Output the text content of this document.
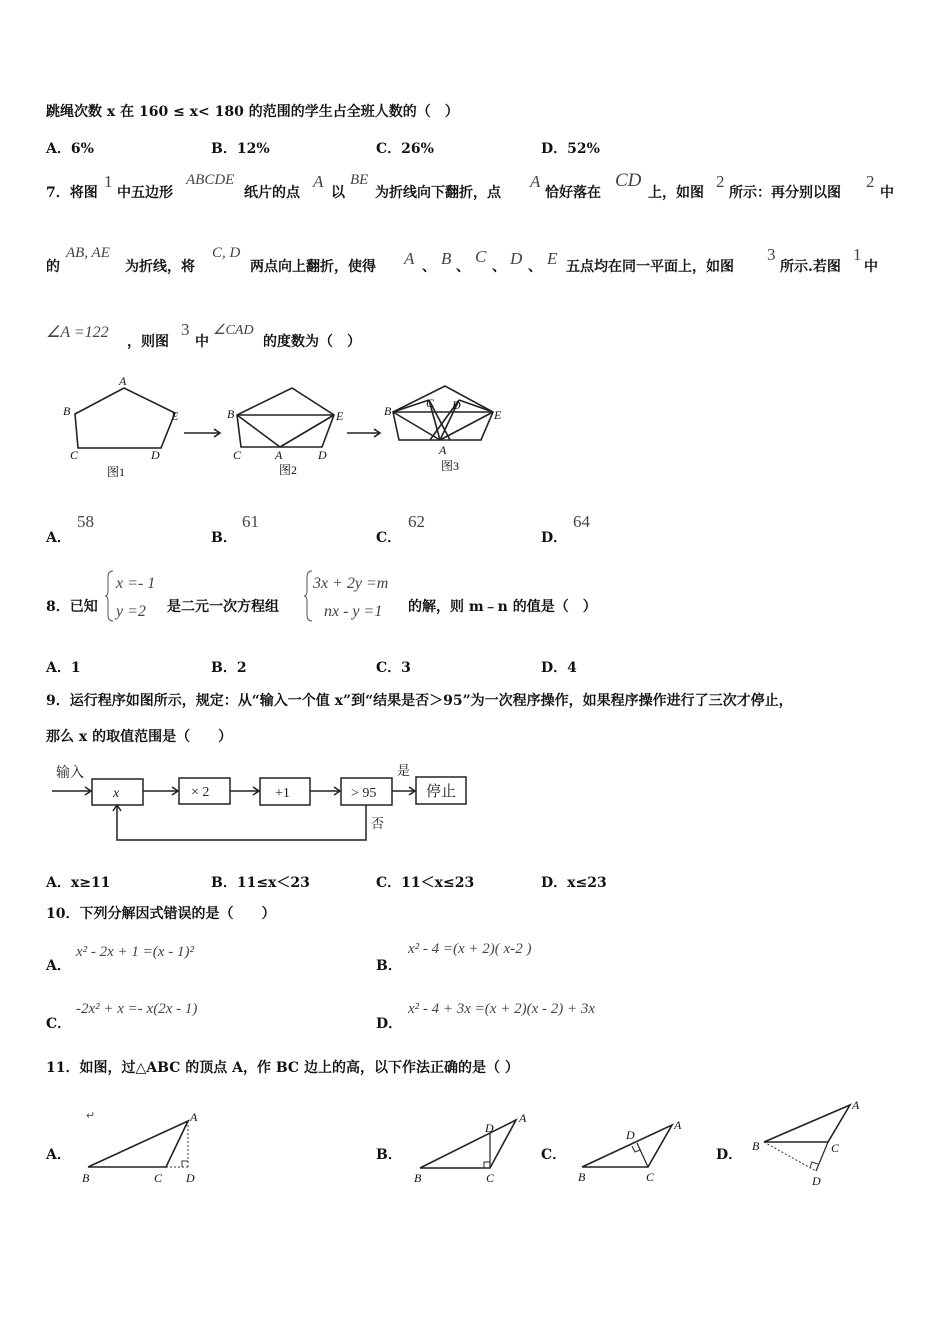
跳绳次数 x 在 160 ≤ x< 180 的范围的学生占全班人数的（　）
A．6%	B．12%	C．26%	D．52%
7．将图
1
中五边形
ABCDE
纸片的点
A
以
BE
为折线向下翻折，点
A
恰好落在
CD
上，如图
2
所示：再分别以图
2
中
的
AB, AE
为折线，将
C, D
两点向上翻折，使得 A 、 B 、
C
、 D 、 E 五点均在同一平面上，如图
3
所示.若图
1
中
∠A =122
，则图
3
中
∠CAD
的度数为（　）
A
B
C	D
E	B	E
C	A	D
B
C D
E
A
图1	图2	图3
A．
58
B．
61
C．
62
D．
64
8．已知
x =- 1
y =2 是二元一次方程组
3x + 2y =m
nx - y =1 的解，则 m﹣n 的值是（　）
A．1	B．2	C．3	D．4
9．运行程序如图所示，规定：从“输入一个值 x”到“结果是否＞95”为一次程序操作，如果程序操作进行了三次才停止，
那么 x 的取值范围是（　　）
输入
x	× 2	+1	> 95
是
停止
否
A．x≥11	B．11≤x＜23	C．11＜x≤23	D．x≤23
10．下列分解因式错误的是（　　）
A．
x² - 2x + 1 =(x - 1)²
B．
x² - 4 =(x + 2)( x-2 )
C．
-2x² + x =- x(2x - 1)
D．
x² - 4 + 3x =(x + 2)(x - 2) + 3x
11．如图，过△ABC 的顶点 A，作 BC 边上的高，以下作法正确的是（ ）
A．	B．	C．	D．
↵	A
B	C D
A
D
B	C
A
D
B	C
A
B	C
D
